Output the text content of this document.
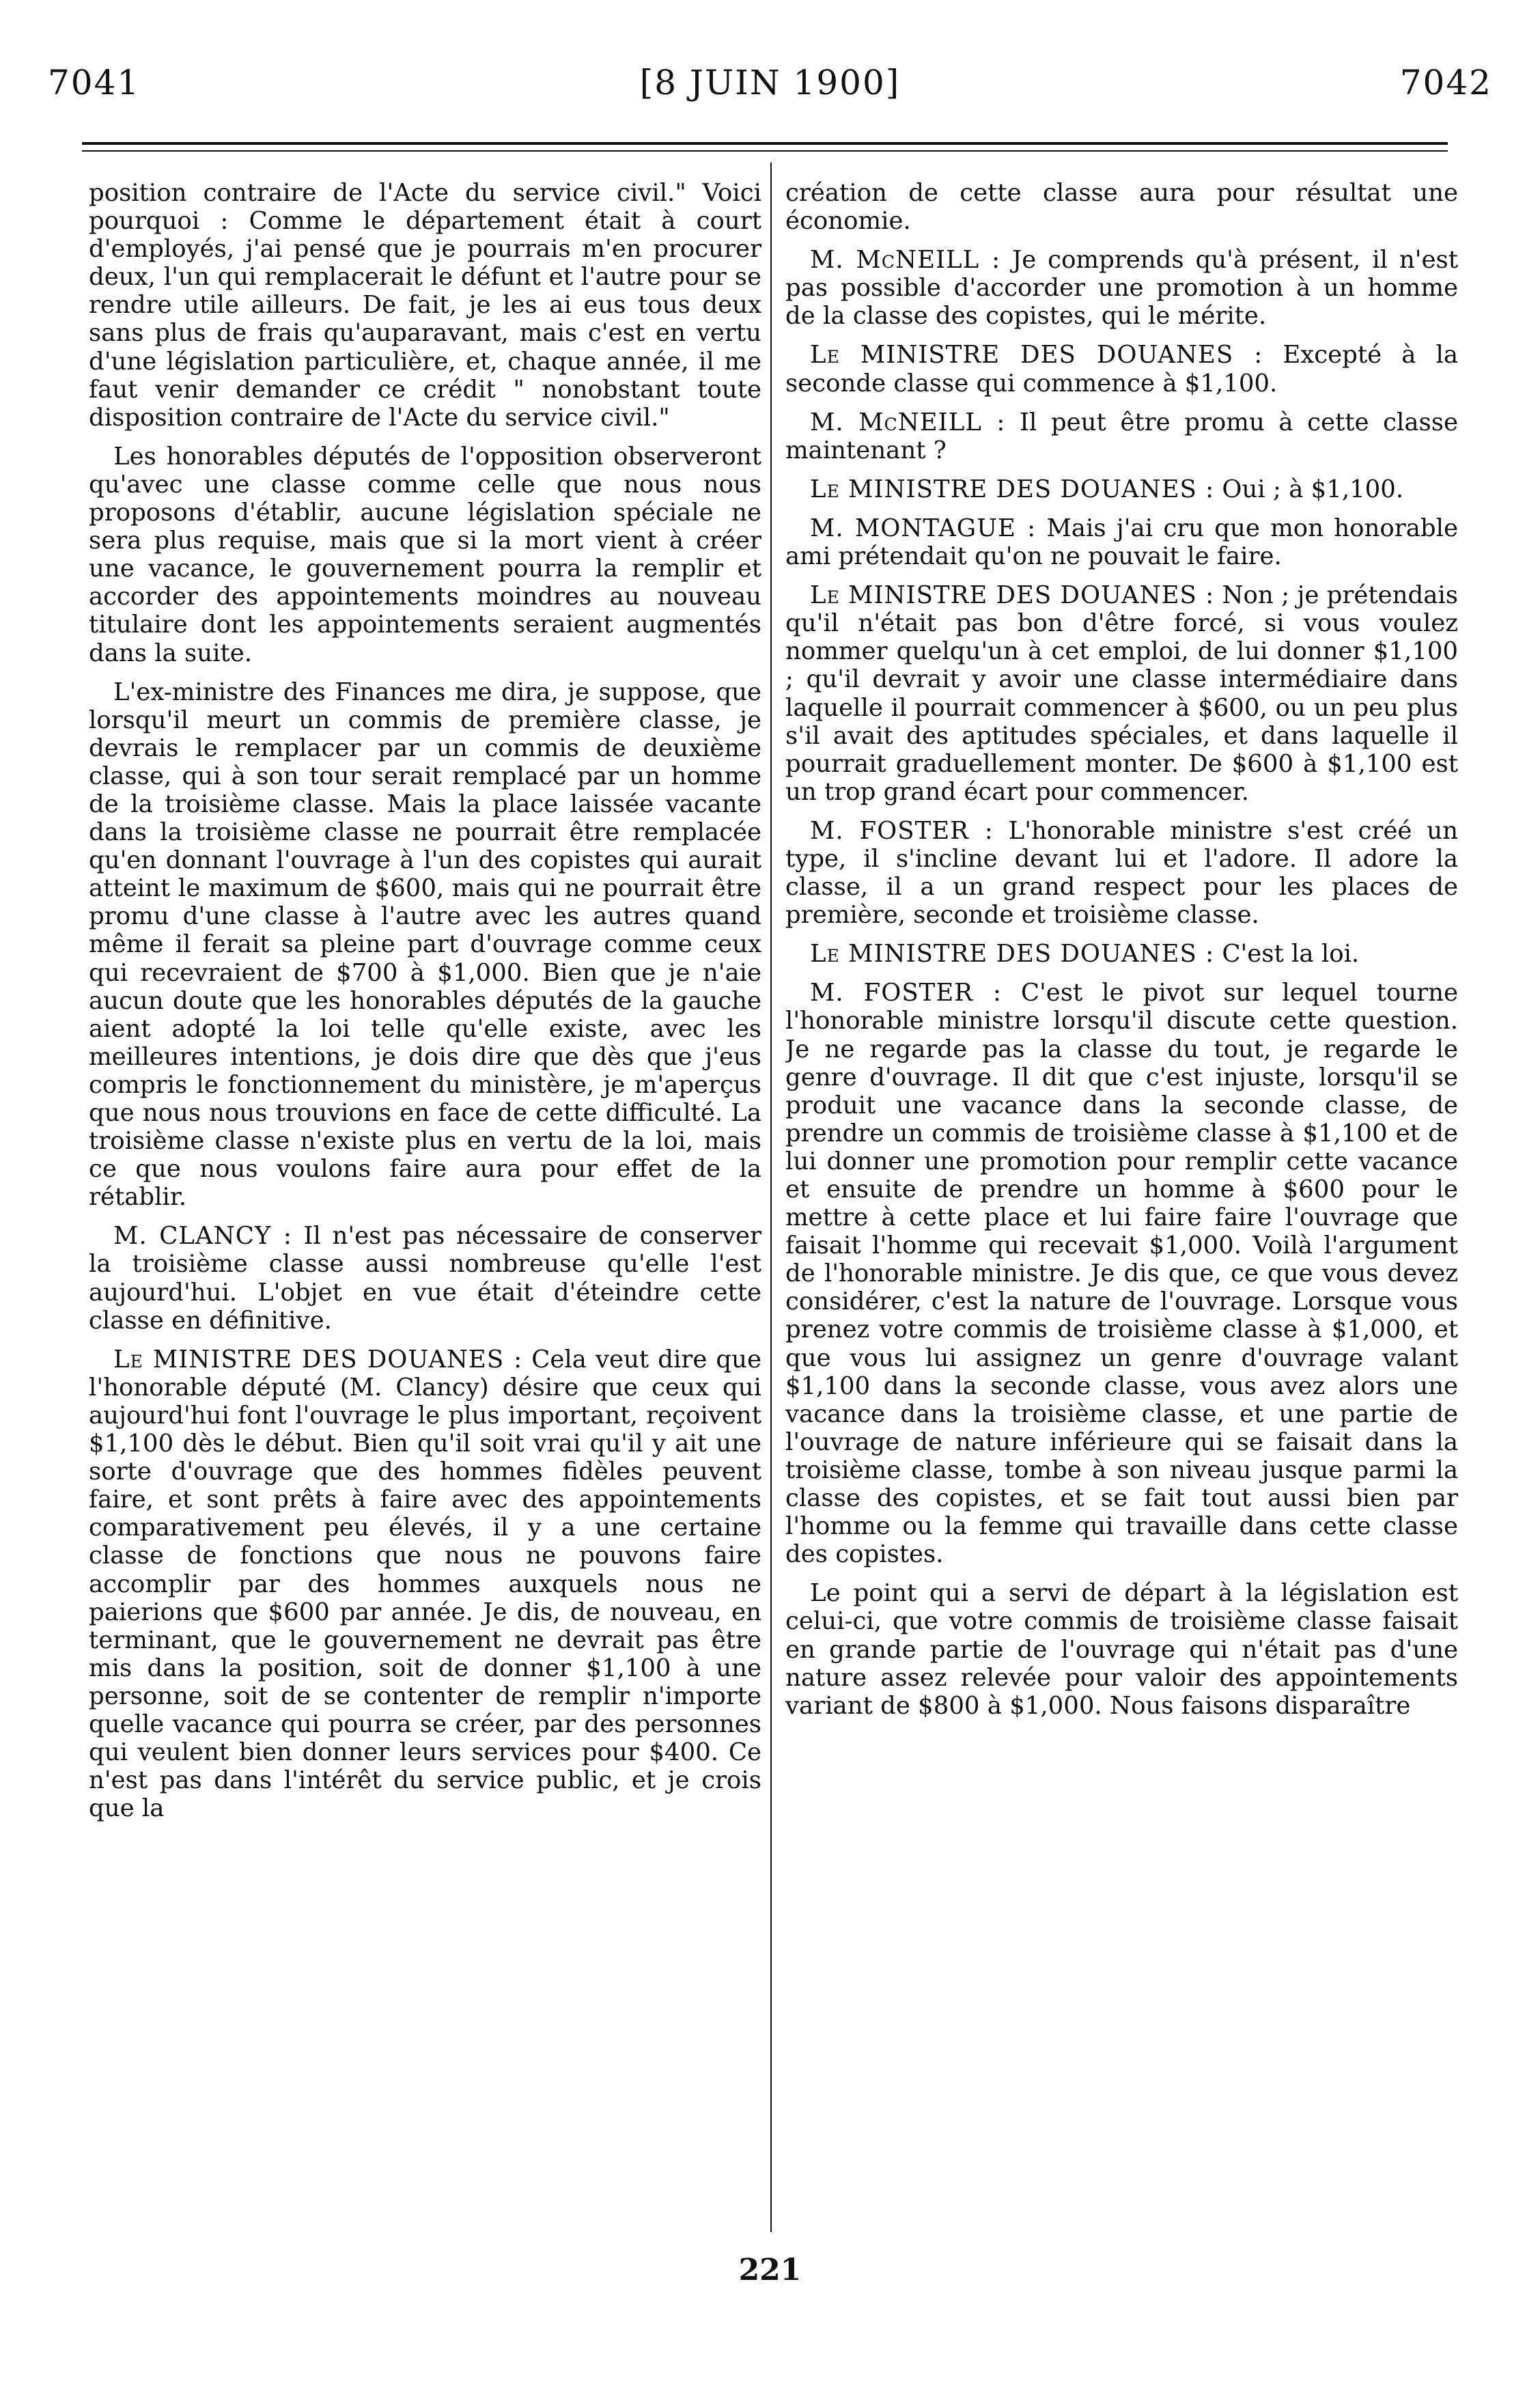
7041	[8 JUIN 1900]	7042

position contraire de l'Acte du service civil." Voici pourquoi : Comme le département était à court d'employés, j'ai pensé que je pourrais m'en procurer deux, l'un qui remplacerait le défunt et l'autre pour se rendre utile ailleurs. De fait, je les ai eus tous deux sans plus de frais qu'auparavant, mais c'est en vertu d'une législation particulière, et, chaque année, il me faut venir demander ce crédit " nonobstant toute disposition contraire de l'Acte du service civil."

Les honorables députés de l'opposition observeront qu'avec une classe comme celle que nous nous proposons d'établir, aucune législation spéciale ne sera plus requise, mais que si la mort vient à créer une vacance, le gouvernement pourra la remplir et accorder des appointements moindres au nouveau titulaire dont les appointements seraient augmentés dans la suite.

L'ex-ministre des Finances me dira, je suppose, que lorsqu'il meurt un commis de première classe, je devrais le remplacer par un commis de deuxième classe, qui à son tour serait remplacé par un homme de la troisième classe. Mais la place laissée vacante dans la troisième classe ne pourrait être remplacée qu'en donnant l'ouvrage à l'un des copistes qui aurait atteint le maximum de $600, mais qui ne pourrait être promu d'une classe à l'autre avec les autres quand même il ferait sa pleine part d'ouvrage comme ceux qui recevraient de $700 à $1,000. Bien que je n'aie aucun doute que les honorables députés de la gauche aient adopté la loi telle qu'elle existe, avec les meilleures intentions, je dois dire que dès que j'eus compris le fonctionnement du ministère, je m'aperçus que nous nous trouvions en face de cette difficulté. La troisième classe n'existe plus en vertu de la loi, mais ce que nous voulons faire aura pour effet de la rétablir.

M. CLANCY : Il n'est pas nécessaire de conserver la troisième classe aussi nombreuse qu'elle l'est aujourd'hui. L'objet en vue était d'éteindre cette classe en définitive.

Le MINISTRE DES DOUANES : Cela veut dire que l'honorable député (M. Clancy) désire que ceux qui aujourd'hui font l'ouvrage le plus important, reçoivent $1,100 dès le début. Bien qu'il soit vrai qu'il y ait une sorte d'ouvrage que des hommes fidèles peuvent faire, et sont prêts à faire avec des appointements comparativement peu élevés, il y a une certaine classe de fonctions que nous ne pouvons faire accomplir par des hommes auxquels nous ne paierions que $600 par année. Je dis, de nouveau, en terminant, que le gouvernement ne devrait pas être mis dans la position, soit de donner $1,100 à une personne, soit de se contenter de remplir n'importe quelle vacance qui pourra se créer, par des personnes qui veulent bien donner leurs services pour $400. Ce n'est pas dans l'intérêt du service public, et je crois que la

création de cette classe aura pour résultat une économie.

M. McNEILL : Je comprends qu'à présent, il n'est pas possible d'accorder une promotion à un homme de la classe des copistes, qui le mérite.

Le MINISTRE DES DOUANES : Excepté à la seconde classe qui commence à $1,100.

M. McNEILL : Il peut être promu à cette classe maintenant ?

Le MINISTRE DES DOUANES : Oui ; à $1,100.

M. MONTAGUE : Mais j'ai cru que mon honorable ami prétendait qu'on ne pouvait le faire.

Le MINISTRE DES DOUANES : Non ; je prétendais qu'il n'était pas bon d'être forcé, si vous voulez nommer quelqu'un à cet emploi, de lui donner $1,100 ; qu'il devrait y avoir une classe intermédiaire dans laquelle il pourrait commencer à $600, ou un peu plus s'il avait des aptitudes spéciales, et dans laquelle il pourrait graduellement monter. De $600 à $1,100 est un trop grand écart pour commencer.

M. FOSTER : L'honorable ministre s'est créé un type, il s'incline devant lui et l'adore. Il adore la classe, il a un grand respect pour les places de première, seconde et troisième classe.

Le MINISTRE DES DOUANES : C'est la loi.

M. FOSTER : C'est le pivot sur lequel tourne l'honorable ministre lorsqu'il discute cette question. Je ne regarde pas la classe du tout, je regarde le genre d'ouvrage. Il dit que c'est injuste, lorsqu'il se produit une vacance dans la seconde classe, de prendre un commis de troisième classe à $1,100 et de lui donner une promotion pour remplir cette vacance et ensuite de prendre un homme à $600 pour le mettre à cette place et lui faire faire l'ouvrage que faisait l'homme qui recevait $1,000. Voilà l'argument de l'honorable ministre. Je dis que, ce que vous devez considérer, c'est la nature de l'ouvrage. Lorsque vous prenez votre commis de troisième classe à $1,000, et que vous lui assignez un genre d'ouvrage valant $1,100 dans la seconde classe, vous avez alors une vacance dans la troisième classe, et une partie de l'ouvrage de nature inférieure qui se faisait dans la troisième classe, tombe à son niveau jusque parmi la classe des copistes, et se fait tout aussi bien par l'homme ou la femme qui travaille dans cette classe des copistes.

Le point qui a servi de départ à la législation est celui-ci, que votre commis de troisième classe faisait en grande partie de l'ouvrage qui n'était pas d'une nature assez relevée pour valoir des appointements variant de $800 à $1,000. Nous faisons disparaître

221
